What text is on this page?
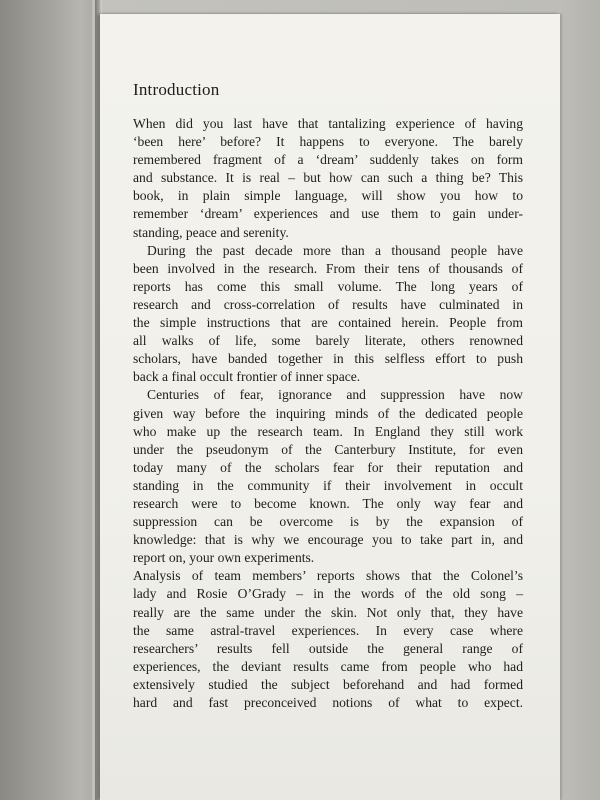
Introduction
When did you last have that tantalizing experience of having
‘been here’ before? It happens to everyone. The barely
remembered fragment of a ‘dream’ suddenly takes on form
and substance. It is real – but how can such a thing be? This
book, in plain simple language, will show you how to
remember ‘dream’ experiences and use them to gain under-
standing, peace and serenity.
During the past decade more than a thousand people have
been involved in the research. From their tens of thousands of
reports has come this small volume. The long years of
research and cross-correlation of results have culminated in
the simple instructions that are contained herein. People from
all walks of life, some barely literate, others renowned
scholars, have banded together in this selfless effort to push
back a final occult frontier of inner space.
Centuries of fear, ignorance and suppression have now
given way before the inquiring minds of the dedicated people
who make up the research team. In England they still work
under the pseudonym of the Canterbury Institute, for even
today many of the scholars fear for their reputation and
standing in the community if their involvement in occult
research were to become known. The only way fear and
suppression can be overcome is by the expansion of
knowledge: that is why we encourage you to take part in, and
report on, your own experiments.
Analysis of team members’ reports shows that the Colonel’s
lady and Rosie O’Grady – in the words of the old song –
really are the same under the skin. Not only that, they have
the same astral-travel experiences. In every case where
researchers’ results fell outside the general range of
experiences, the deviant results came from people who had
extensively studied the subject beforehand and had formed
hard and fast preconceived notions of what to expect.
